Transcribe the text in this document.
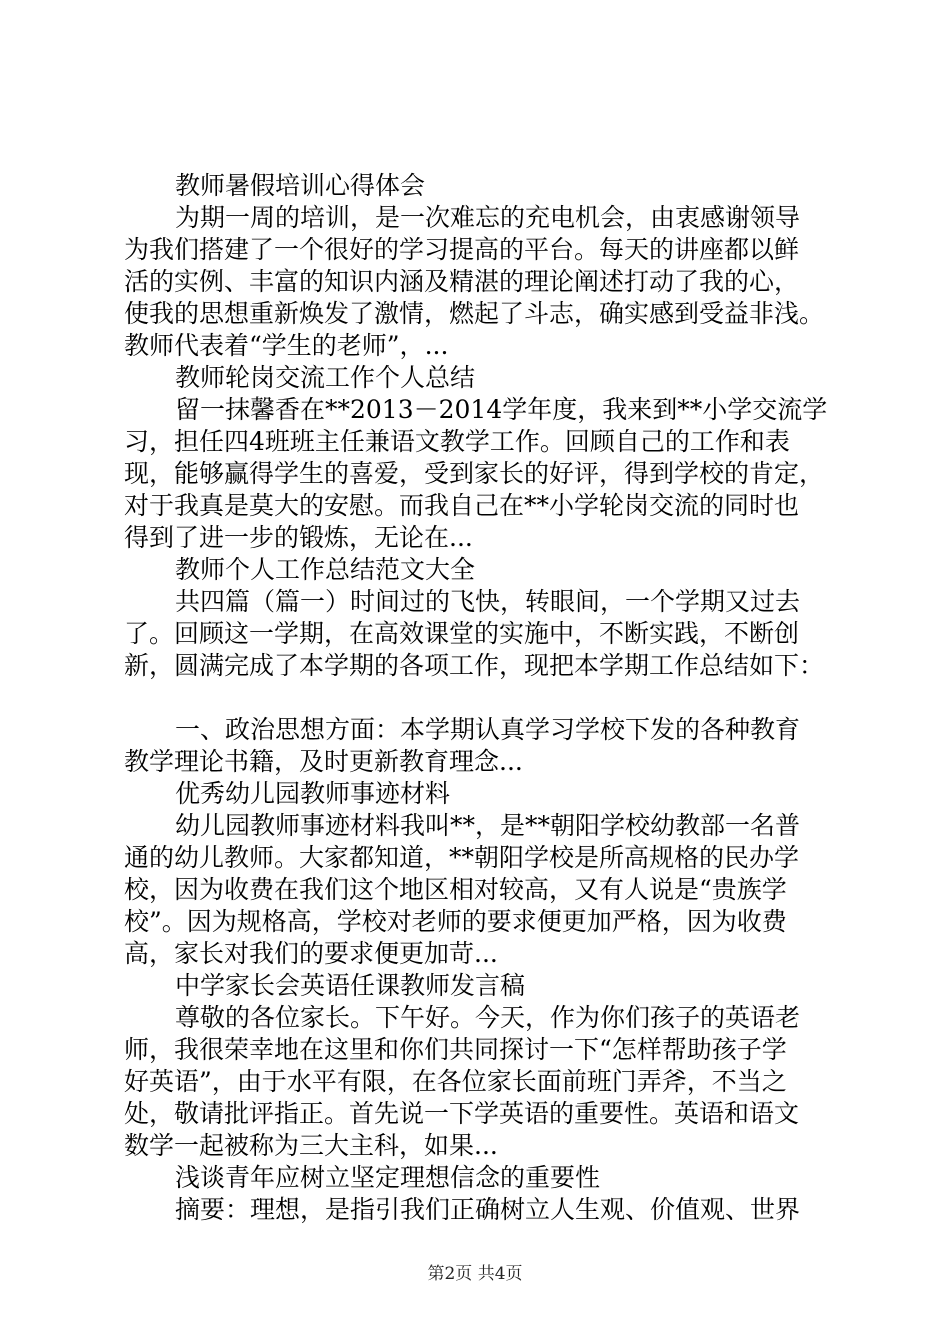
教师暑假培训心得体会
为期一周的培训，是一次难忘的充电机会，由衷感谢领导
为我们搭建了一个很好的学习提高的平台。每天的讲座都以鲜
活的实例、丰富的知识内涵及精湛的理论阐述打动了我的心，
使我的思想重新焕发了激情，燃起了斗志，确实感到受益非浅。
教师代表着“学生的老师”，...
教师轮岗交流工作个人总结
留一抹馨香在**2013－2014学年度，我来到**小学交流学
习，担任四4班班主任兼语文教学工作。回顾自己的工作和表
现，能够赢得学生的喜爱，受到家长的好评，得到学校的肯定，
对于我真是莫大的安慰。而我自己在**小学轮岗交流的同时也
得到了进一步的锻炼，无论在...
教师个人工作总结范文大全
共四篇（篇一）时间过的飞快，转眼间，一个学期又过去
了。回顾这一学期，在高效课堂的实施中，不断实践，不断创
新，圆满完成了本学期的各项工作，现把本学期工作总结如下：
一、政治思想方面：本学期认真学习学校下发的各种教育
教学理论书籍，及时更新教育理念...
优秀幼儿园教师事迹材料
幼儿园教师事迹材料我叫**，是**朝阳学校幼教部一名普
通的幼儿教师。大家都知道，**朝阳学校是所高规格的民办学
校，因为收费在我们这个地区相对较高，又有人说是“贵族学
校”。因为规格高，学校对老师的要求便更加严格，因为收费
高，家长对我们的要求便更加苛...
中学家长会英语任课教师发言稿
尊敬的各位家长。下午好。今天，作为你们孩子的英语老
师，我很荣幸地在这里和你们共同探讨一下“怎样帮助孩子学
好英语”，由于水平有限，在各位家长面前班门弄斧，不当之
处，敬请批评指正。首先说一下学英语的重要性。英语和语文
数学一起被称为三大主科，如果...
浅谈青年应树立坚定理想信念的重要性
摘要：理想，是指引我们正确树立人生观、价值观、世界
第2页 共4页
